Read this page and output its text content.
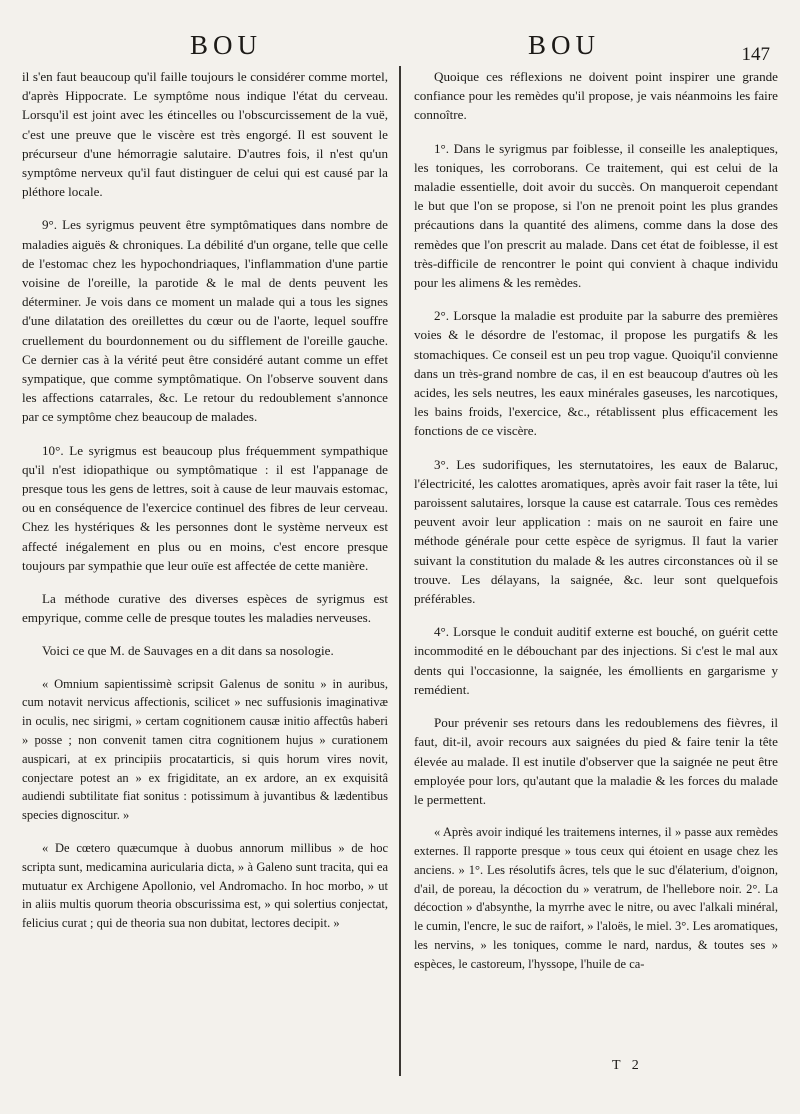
BOU	BOU	147

il s'en faut beaucoup qu'il faille toujours le considérer comme mortel, d'après Hippocrate. Le symptôme nous indique l'état du cerveau. Lorsqu'il est joint avec les étincelles ou l'obscurcissement de la vuë, c'est une preuve que le viscère est très engorgé. Il est souvent le précurseur d'une hémorragie salutaire. D'autres fois, il n'est qu'un symptôme nerveux qu'il faut distinguer de celui qui est causé par la pléthore locale.

9°. Les syrigmus peuvent être symptômatiques dans nombre de maladies aiguës & chroniques. La débilité d'un organe, telle que celle de l'estomac chez les hypochondriaques, l'inflammation d'une partie voisine de l'oreille, la parotide & le mal de dents peuvent les déterminer. Je vois dans ce moment un malade qui a tous les signes d'une dilatation des oreillettes du cœur ou de l'aorte, lequel souffre cruellement du bourdonnement ou du sifflement de l'oreille gauche. Ce dernier cas à la vérité peut être considéré autant comme un effet sympatique, que comme symptômatique. On l'observe souvent dans les affections catarrales, &c. Le retour du redoublement s'annonce par ce symptôme chez beaucoup de malades.

10°. Le syrigmus est beaucoup plus fréquemment sympathique qu'il n'est idiopathique ou symptômatique : il est l'appanage de presque tous les gens de lettres, soit à cause de leur mauvais estomac, ou en conséquence de l'exercice continuel des fibres de leur cerveau. Chez les hystériques & les personnes dont le système nerveux est affecté inégalement en plus ou en moins, c'est encore presque toujours par sympathie que leur ouïe est affectée de cette manière.

La méthode curative des diverses espèces de syrigmus est empyrique, comme celle de presque toutes les maladies nerveuses.

Voici ce que M. de Sauvages en a dit dans sa nosologie.

« Omnium sapientissimè scripsit Galenus de sonitu » in auribus, cum notavit nervicus affectionis, scilicet » nec suffusionis imaginativæ in oculis, nec sirigmi, » certam cognitionem causæ initio affectûs haberi » posse ; non convenit tamen citra cognitionem hujus » curationem auspicari, at ex principiis procatarticis, si quis horum vires novit, conjectare potest an » ex frigiditate, an ex ardore, an ex exquisitâ audiendi subtilitate fiat sonitus : potissimum à juvantibus & lædentibus species dignoscitur. »

« De cœtero quæcumque à duobus annorum millibus » de hoc scripta sunt, medicamina auricularia dicta, » à Galeno sunt tracita, qui ea mutuatur ex Archigene Apollonio, vel Andromacho. In hoc morbo, » ut in aliis multis quorum theoria obscurissima est, » qui solertius conjectat, felicius curat ; qui de theoria sua non dubitat, lectores decipit. »

Quoique ces réflexions ne doivent point inspirer une grande confiance pour les remèdes qu'il propose, je vais néanmoins les faire connoître.

1°. Dans le syrigmus par foiblesse, il conseille les analeptiques, les toniques, les corroborans. Ce traitement, qui est celui de la maladie essentielle, doit avoir du succès. On manqueroit cependant le but que l'on se propose, si l'on ne prenoit point les plus grandes précautions dans la quantité des alimens, comme dans la dose des remèdes que l'on prescrit au malade. Dans cet état de foiblesse, il est très-difficile de rencontrer le point qui convient à chaque individu pour les alimens & les remèdes.

2°. Lorsque la maladie est produite par la saburre des premières voies & le désordre de l'estomac, il propose les purgatifs & les stomachiques. Ce conseil est un peu trop vague. Quoiqu'il convienne dans un très-grand nombre de cas, il en est beaucoup d'autres où les acides, les sels neutres, les eaux minérales gaseuses, les narcotiques, les bains froids, l'exercice, &c., rétablissent plus efficacement les fonctions de ce viscère.

3°. Les sudorifiques, les sternutatoires, les eaux de Balaruc, l'électricité, les calottes aromatiques, après avoir fait raser la tête, lui paroissent salutaires, lorsque la cause est catarrale. Tous ces remèdes peuvent avoir leur application : mais on ne sauroit en faire une méthode générale pour cette espèce de syrigmus. Il faut la varier suivant la constitution du malade & les autres circonstances où il se trouve. Les délayans, la saignée, &c. leur sont quelquefois préférables.

4°. Lorsque le conduit auditif externe est bouché, on guérit cette incommodité en le débouchant par des injections. Si c'est le mal aux dents qui l'occasionne, la saignée, les émollients en gargarisme y remédient.

Pour prévenir ses retours dans les redoublemens des fièvres, il faut, dit-il, avoir recours aux saignées du pied & faire tenir la tête élevée au malade. Il est inutile d'observer que la saignée ne peut être employée pour lors, qu'autant que la maladie & les forces du malade le permettent.

« Après avoir indiqué les traitemens internes, il » passe aux remèdes externes. Il rapporte presque » tous ceux qui étoient en usage chez les anciens. » 1°. Les résolutifs âcres, tels que le suc d'élaterium, d'oignon, d'ail, de poreau, la décoction du » veratrum, de l'hellebore noir. 2°. La décoction » d'absynthe, la myrrhe avec le nitre, ou avec l'alkali minéral, le cumin, l'encre, le suc de raifort, » l'aloës, le miel. 3°. Les aromatiques, les nervins, » les toniques, comme le nard, nardus, & toutes ses » espèces, le castoreum, l'hyssope, l'huile de ca-

T 2
